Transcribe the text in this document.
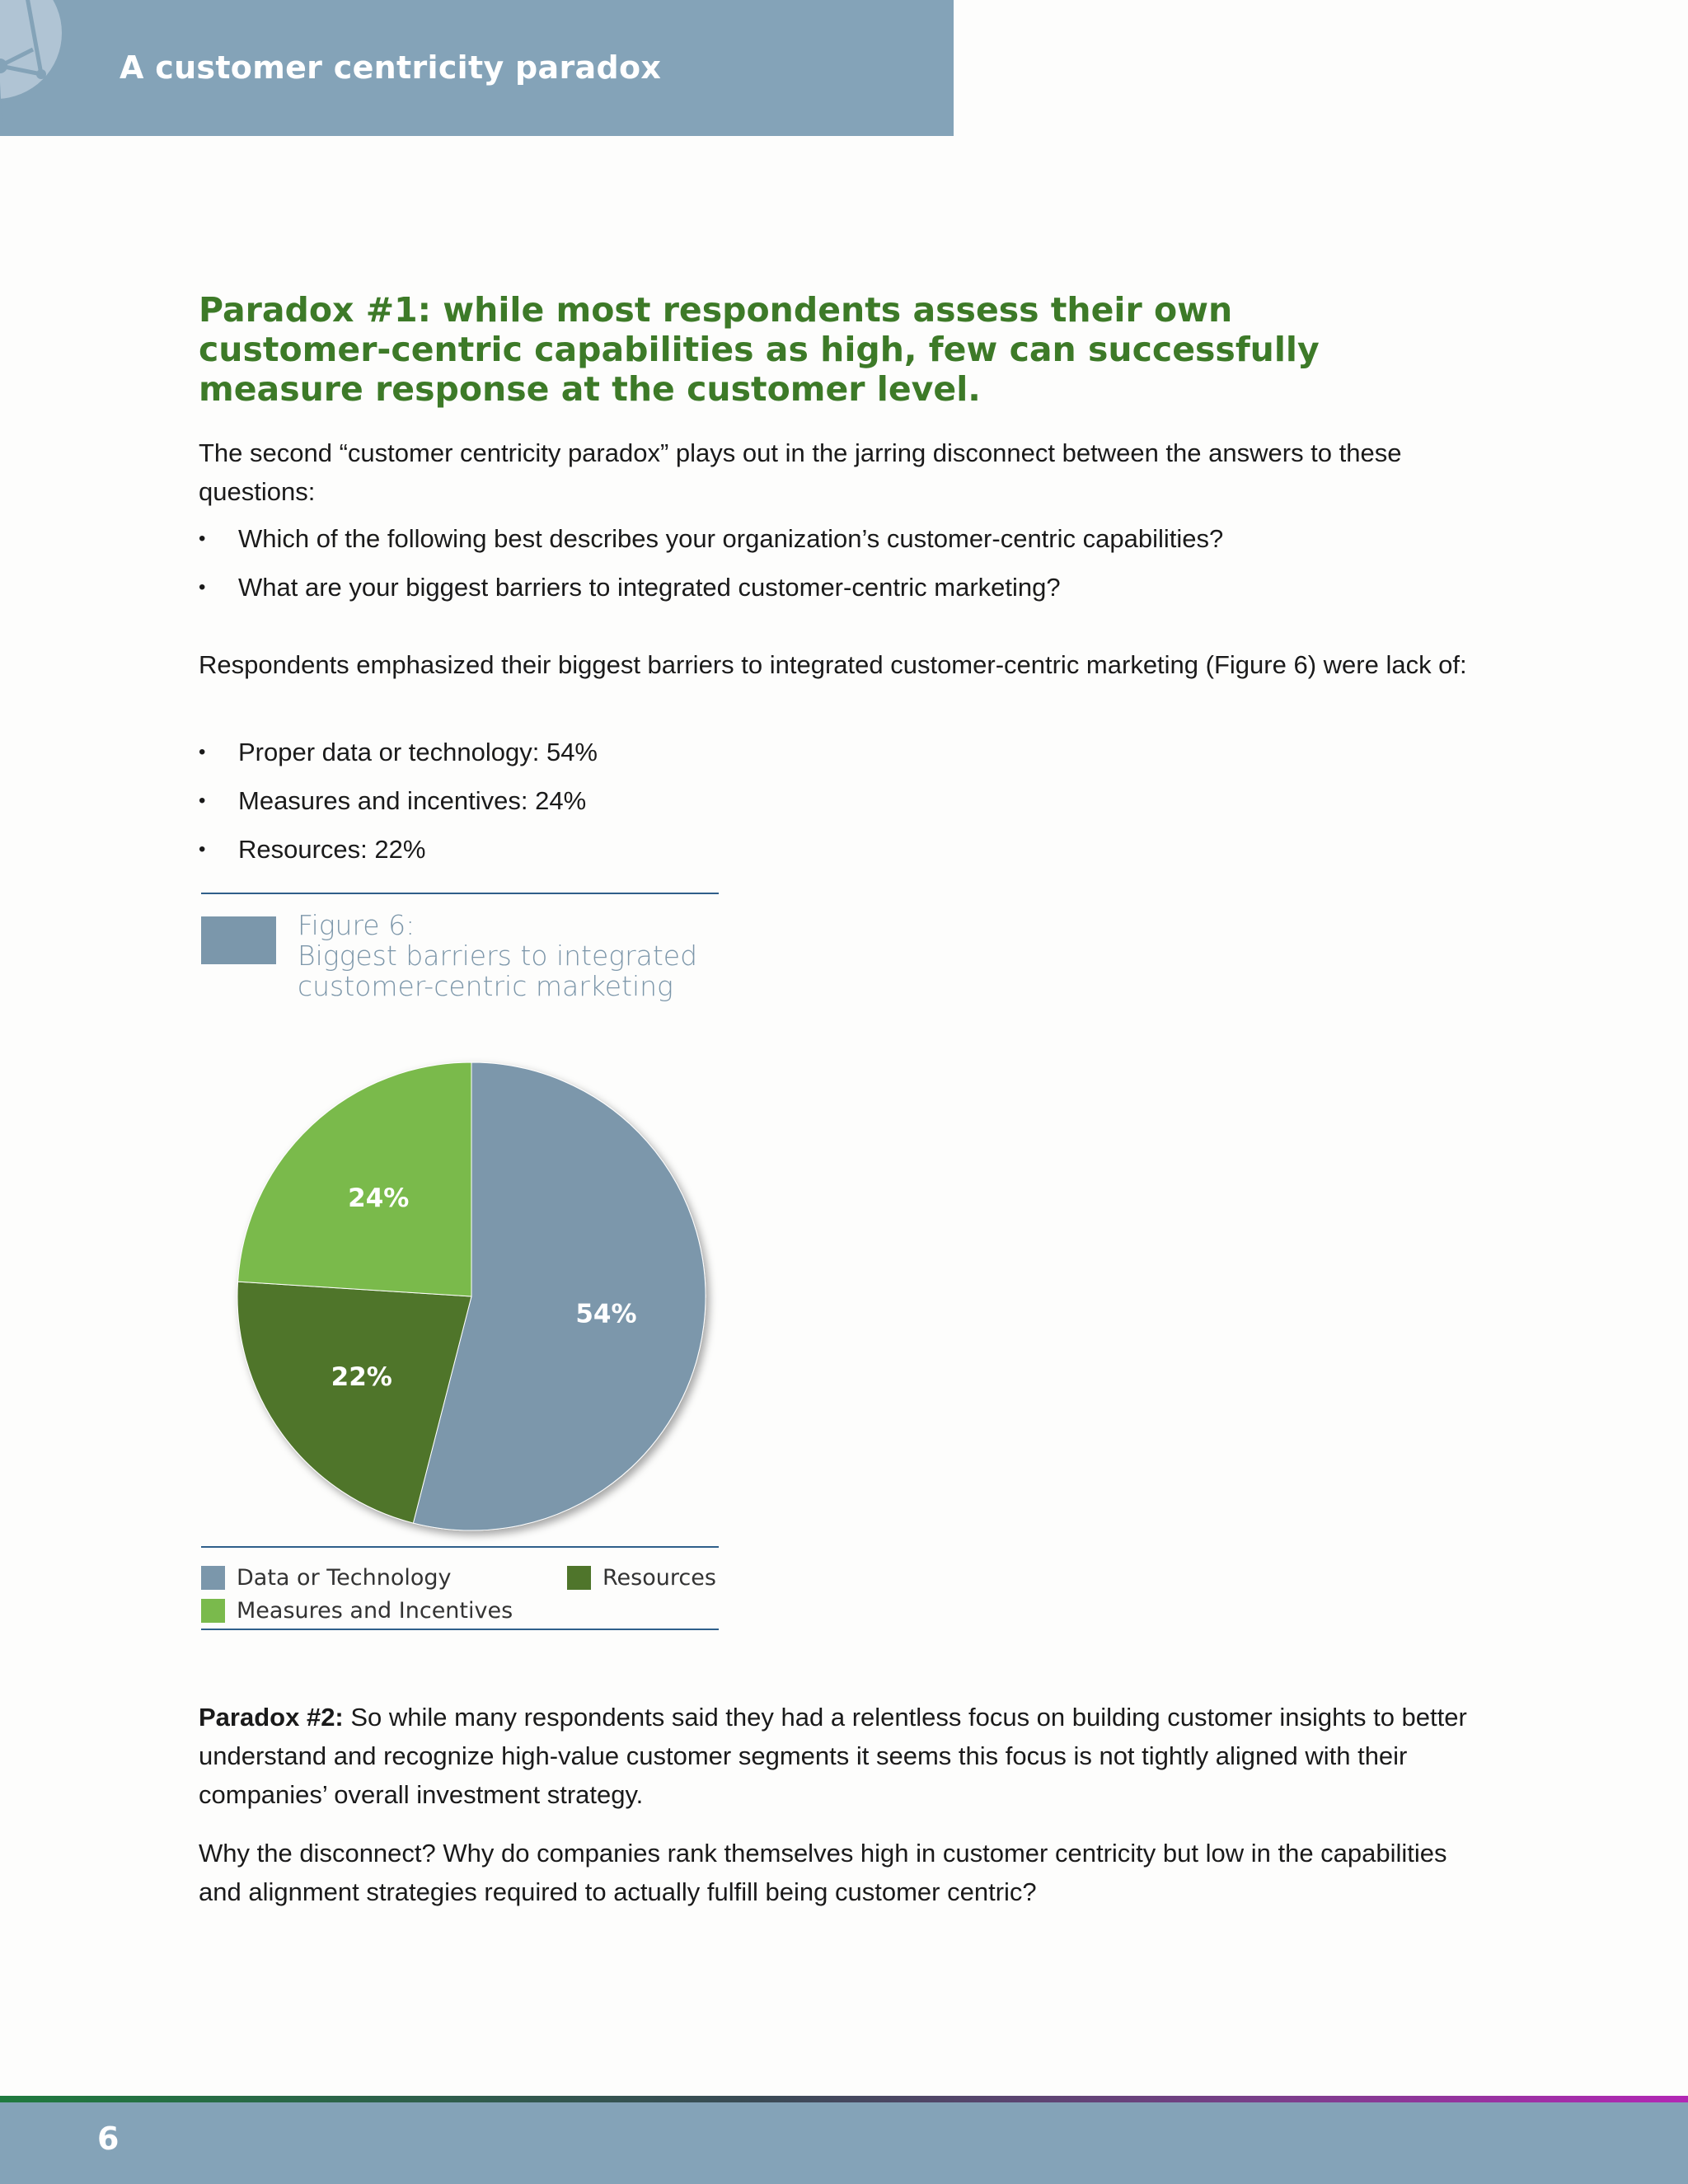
A customer centricity paradox
Paradox #1: while most respondents assess their own customer-centric capabilities as high, few can successfully measure response at the customer level.

The second “customer centricity paradox” plays out in the jarring disconnect between the answers to these questions:

• Which of the following best describes your organization’s customer-centric capabilities?
• What are your biggest barriers to integrated customer-centric marketing?

Respondents emphasized their biggest barriers to integrated customer-centric marketing (Figure 6) were lack of:

• Proper data or technology: 54%
• Measures and incentives: 24%
• Resources: 22%
Figure 6:
Biggest barriers to integrated
customer-centric marketing
54%
22%
24%
Data or Technology	Resources
Measures and Incentives

Paradox #2: So while many respondents said they had a relentless focus on building customer insights to better understand and recognize high-value customer segments it seems this focus is not tightly aligned with their companies’ overall investment strategy.

Why the disconnect? Why do companies rank themselves high in customer centricity but low in the capabilities and alignment strategies required to actually fulfill being customer centric?

6
